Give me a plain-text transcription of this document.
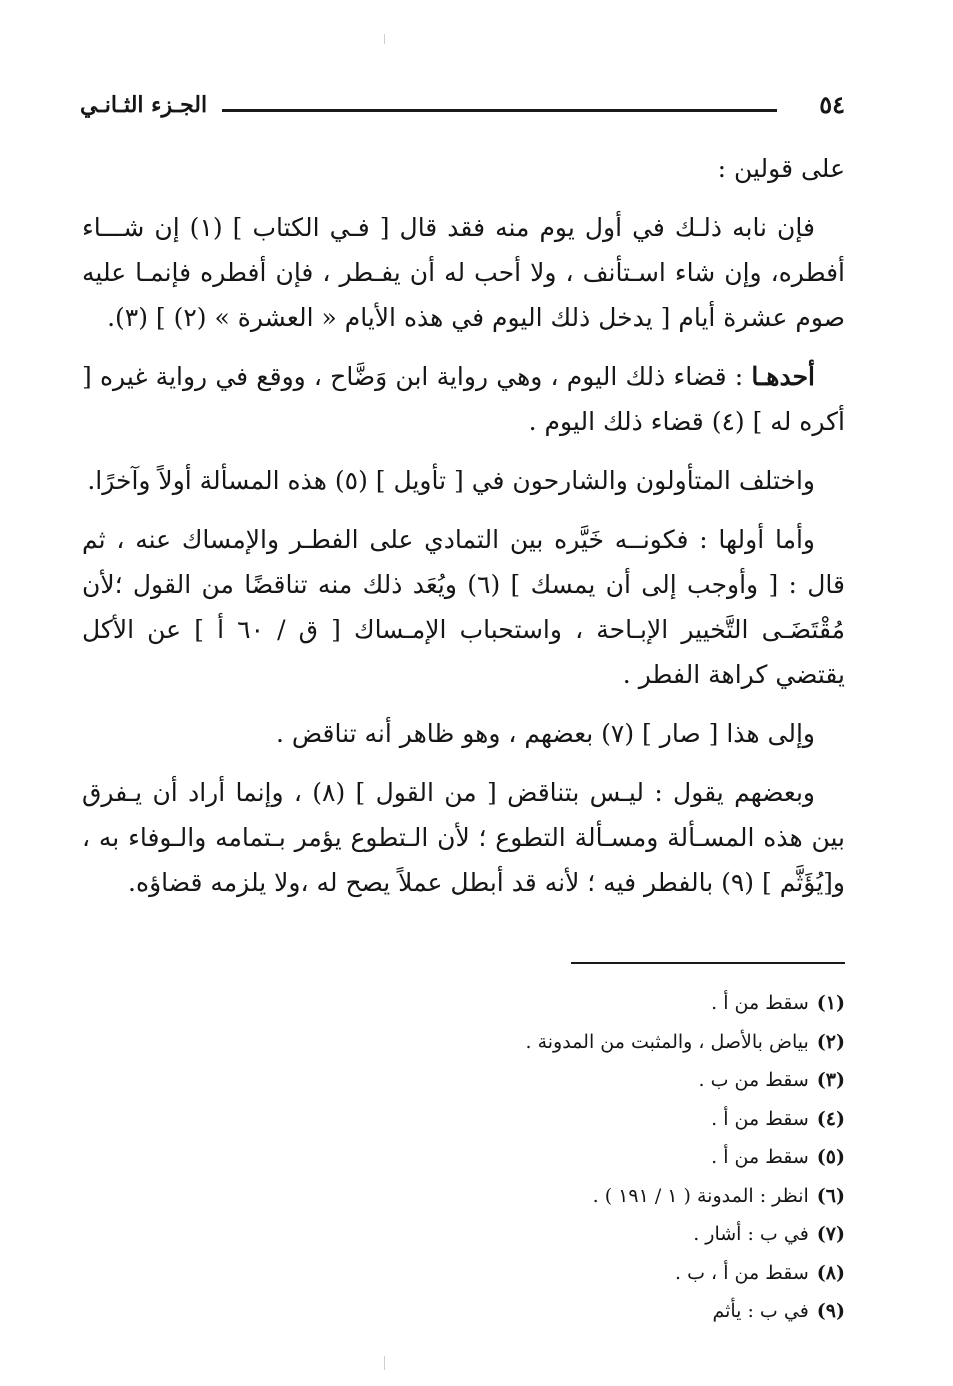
٥٤
الجـزء الثـانـي

على قولين :

فإن نابه ذلـك في أول يوم منه فقد قال [ فـي الكتاب ] (١) إن شـــاء أفطره، وإن شاء اسـتأنف ، ولا أحب له أن يفـطر ، فإن أفطره فإنمـا عليه صوم عشرة أيام [ يدخل ذلك اليوم في هذه الأيام « العشرة » (٢) ] (٣).

أحدهـا : قضاء ذلك اليوم ، وهي رواية ابن وَضَّاح ، ووقع في رواية غيره [ أكره له ] (٤) قضاء ذلك اليوم .

واختلف المتأولون والشارحون في [ تأويل ] (٥) هذه المسألة أولاً وآخرًا.

وأما أولها : فكونــه خَيَّره بين التمادي على الفطـر والإمساك عنه ، ثم قال : [ وأوجب إلى أن يمسك ] (٦) ويُعَد ذلك منه تناقضًا من القول ؛لأن مُقْتَضَـى التَّخيير الإبـاحة ، واستحباب الإمـساك [ ق / ٦٠ أ ] عن الأكل يقتضي كراهة الفطر .

وإلى هذا [ صار ] (٧) بعضهم ، وهو ظاهر أنه تناقض .

وبعضهم يقول : ليـس بتناقض [ من القول ] (٨) ، وإنما أراد أن يـفرق بين هذه المسـألة ومسـألة التطوع ؛ لأن الـتطوع يؤمر بـتمامه والـوفاء به ، و[يُؤَثَّم ] (٩) بالفطر فيه ؛ لأنه قد أبطل عملاً يصح له ،ولا يلزمه قضاؤه.

(١)سقط من أ .
(٢)بياض بالأصل ، والمثبت من المدونة .
(٣)سقط من ب .
(٤)سقط من أ .
(٥)سقط من أ .
(٦)انظر : المدونة ( ١ / ١٩١ ) .
(٧)في ب : أشار .
(٨)سقط من أ ، ب .
(٩)في ب : يأثم
